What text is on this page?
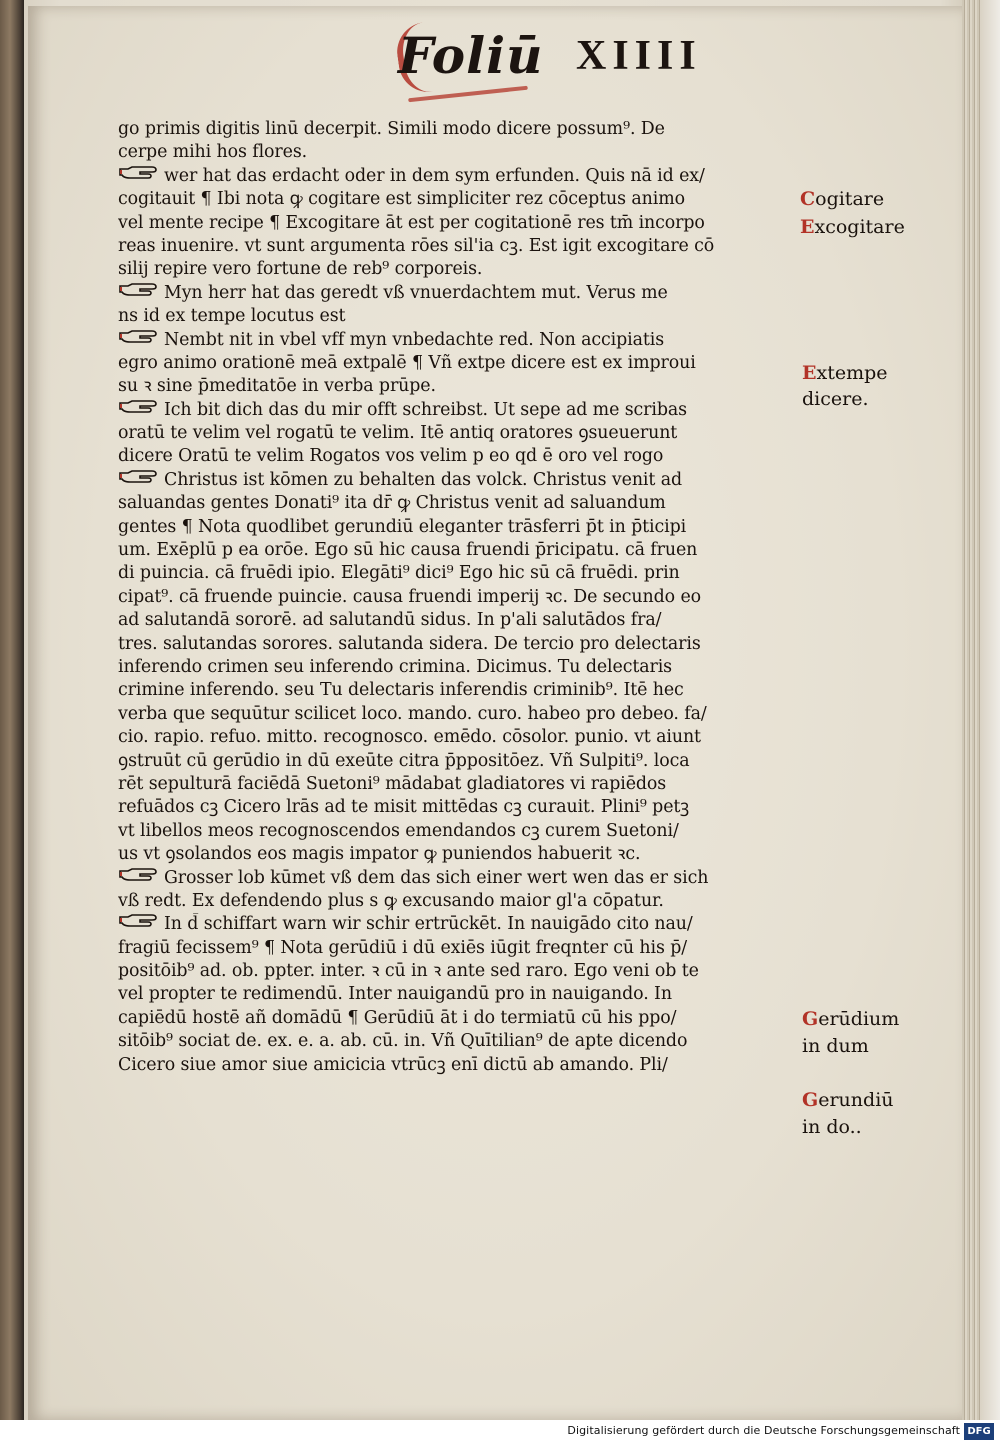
Foliū XIIII
go primis digitis linū decerpit. Simili modo dicere possum⁹. De
cerpe mihi hos flores.
wer hat das erdacht oder in dem sym erfunden. Quis nā id ex/
cogitauit ¶ Ibi nota ꝙ cogitare est simpliciter rez cōceptus animo
vel mente recipe ¶ Excogitare āt est per cogitationē res tm̄ incorpo
reas inuenire. vt sunt argumenta rōes sil'ia cꝫ. Est igit excogitare cō
silij repire vero fortune de reb⁹ corporeis.
Myn herr hat das geredt vß vnuerdachtem mut. Verus me
ns id ex tempe locutus est
Nembt nit in vbel vff myn vnbedachte red. Non accipiatis
egro animo orationē meā extpalē ¶ Vñ extpe dicere est ex improui
su ꝛ sine p̄meditatōe in verba prūpe.
Ich bit dich das du mir offt schreibst. Ut sepe ad me scribas
oratū te velim vel rogatū te velim. Itē antiq oratores ꝯsueuerunt
dicere Oratū te velim Rogatos vos velim p eo qd̄ ē oro vel rogo
Christus ist kōmen zu behalten das volck. Christus venit ad
saluandas gentes Donati⁹ ita dr̄ ꝙ Christus venit ad saluandum
gentes ¶ Nota quodlibet gerundiū eleganter trāsferri p̄t in p̄ticipi
um. Exēplū p ea orōe. Ego sū hic causa fruendi p̄ricipatu. cā fruen
di puincia. cā fruēdi ipio. Elegāti⁹ dici⁹ Ego hic sū cā fruēdi. prin
cipat⁹. cā fruende puincie. causa fruendi imperij ꝛc. De secundo eo
ad salutandā sororē. ad salutandū sidus. In p'ali salutādos fra/
tres. salutandas sorores. salutanda sidera. De tercio pro delectaris
inferendo crimen seu inferendo crimina. Dicimus. Tu delectaris
crimine inferendo. seu Tu delectaris inferendis criminib⁹. Itē hec
verba que sequūtur scilicet loco. mando. curo. habeo pro debeo. fa/
cio. rapio. refuo. mitto. recognosco. emēdo. cōsolor. punio. vt aiunt
ꝯstruūt cū gerūdio in dū exeūte citra p̄ppositōez. Vñ Sulpiti⁹. loca
rēt sepulturā faciēdā Suetoni⁹ mādabat gladiatores vi rapiēdos
refuādos cꝫ Cicero lrās ad te misit mittēdas cꝫ curauit. Plini⁹ petꝫ
vt libellos meos recognoscendos emendandos cꝫ curem Suetoni/
us vt ꝯsolandos eos magis impator ꝙ puniendos habuerit ꝛc.
Grosser lob kūmet vß dem das sich einer wert wen das er sich
vß redt. Ex defendendo plus s ꝙ excusando maior gl'a cōpatur.
In d̄ schiffart warn wir schir ertrūckēt. In nauigādo cito nau/
fragiū fecissem⁹ ¶ Nota gerūdiū i dū exiēs iūgit freqnter cū his p̄/
positōib⁹ ad. ob. ppter. inter. ꝛ cū in ꝛ ante sed raro. Ego veni ob te
vel propter te redimendū. Inter nauigandū pro in nauigando. In
capiēdū hostē añ domādū ¶ Gerūdiū āt i do termiatū cū his ppo/
sitōib⁹ sociat de. ex. e. a. ab. cū. in. Vñ Quītilian⁹ de apte dicendo
Cicero siue amor siue amicicia vtrūcꝫ enī dictū ab amando. Pli/
Cogitare
Excogitare
Extempe
dicere.
Gerūdium
in dum
Gerundiū
in do..
Digitalisierung gefördert durch die Deutsche Forschungsgemeinschaft DFG
